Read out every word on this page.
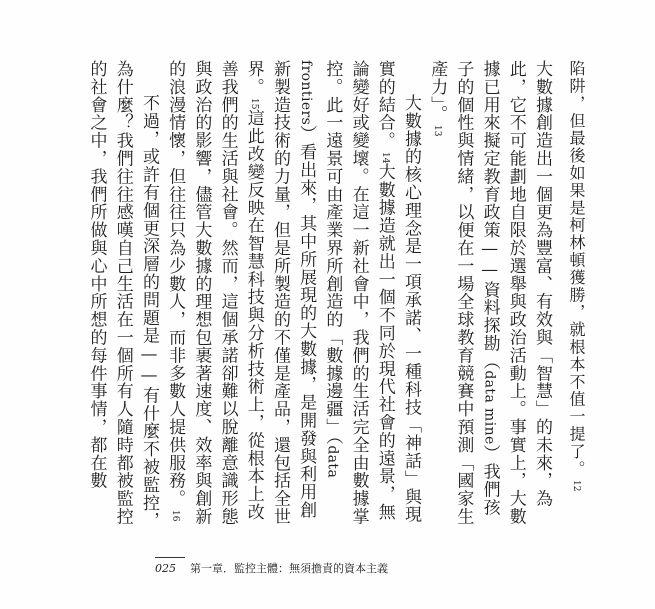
陷阱，但最後如果是柯林頓獲勝，就根本不值一提了。12

大數據創造出一個更為豐富、有效與「智慧」的未來，為此，它不可能劃地自限於選舉與政治活動上。事實上，大數據已用來擬定教育政策——資料探勘（data mine）我們孩子的個性與情緒，以便在一場全球教育競賽中預測「國家生產力」。13

大數據的核心理念是一項承諾、一種科技「神話」與現實的結合。14大數據造就出一個不同於現代社會的遠景，無論變好或變壞。在這一新社會中，我們的生活完全由數據掌控。此一遠景可由產業界所創造的「數據邊疆」（data frontiers）看出來，其中所展現的大數據，是開發與利用創新製造技術的力量，但是所製造的不僅是產品，還包括全世界。15這此改變反映在智慧科技與分析技術上，從根本上改善我們的生活與社會。然而，這個承諾卻難以脫離意識形態與政治的影響，儘管大數據的理想包裹著速度、效率與創新的浪漫情懷，但往往只為少數人，而非多數人提供服務。16

不過，或許有個更深層的問題是——有什麼不被監控，為什麼？我們往往感嘆自己生活在一個所有人隨時都被監控的社會之中，我們所做與心中所想的每件事情，都在數

025 第一章．監控主體：無須擔責的資本主義
